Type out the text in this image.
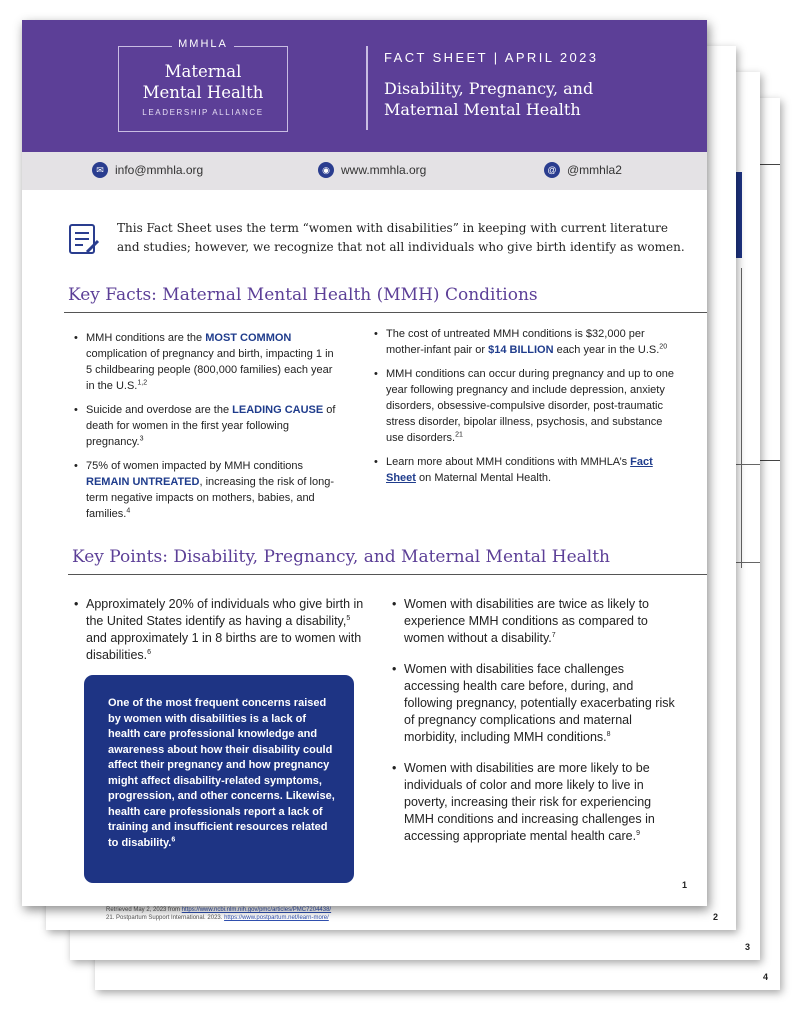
4
3
2
Retrieved May 2, 2023 from https://www.ncbi.nlm.nih.gov/pmc/articles/PMC7204438/
21. Postpartum Support International. 2023. https://www.postpartum.net/learn-more/
MMHLA
Maternal
Mental Health
LEADERSHIP ALLIANCE
FACT SHEET | APRIL 2023
Disability, Pregnancy, and
Maternal Mental Health
✉ info@mmhla.org	◉ www.mmhla.org	@ @mmhla2
This Fact Sheet uses the term “women with disabilities” in keeping with current literature and studies; however, we recognize that not all individuals who give birth identify as women.
Key Facts: Maternal Mental Health (MMH) Conditions
• MMH conditions are the MOST COMMON complication of pregnancy and birth, impacting 1 in 5 childbearing people (800,000 families) each year in the U.S.$^{1,2}$
• Suicide and overdose are the LEADING CAUSE of death for women in the first year following pregnancy.$^3$
• 75% of women impacted by MMH conditions REMAIN UNTREATED, increasing the risk of long-term negative impacts on mothers, babies, and families.$^4$
• The cost of untreated MMH conditions is $32,000 per mother-infant pair or $14 BILLION each year in the U.S.$^{20}$
• MMH conditions can occur during pregnancy and up to one year following pregnancy and include depression, anxiety disorders, obsessive-compulsive disorder, post-traumatic stress disorder, bipolar illness, psychosis, and substance use disorders.$^{21}$
• Learn more about MMH conditions with MMHLA’s Fact Sheet on Maternal Mental Health.
Key Points: Disability, Pregnancy, and Maternal Mental Health
• Approximately 20% of individuals who give birth in the United States identify as having a disability,$^5$ and approximately 1 in 8 births are to women with disabilities.$^6$

One of the most frequent concerns raised by women with disabilities is a lack of health care professional knowledge and awareness about how their disability could affect their pregnancy and how pregnancy might affect disability-related symptoms, progression, and other concerns. Likewise, health care professionals report a lack of training and insufficient resources related to disability.$^6$

• Women with disabilities are twice as likely to experience MMH conditions as compared to women without a disability.$^7$
• Women with disabilities face challenges accessing health care before, during, and following pregnancy, potentially exacerbating risk of pregnancy complications and maternal morbidity, including MMH conditions.$^8$
• Women with disabilities are more likely to be individuals of color and more likely to live in poverty, increasing their risk for experiencing MMH conditions and increasing challenges in accessing appropriate mental health care.$^9$
1
